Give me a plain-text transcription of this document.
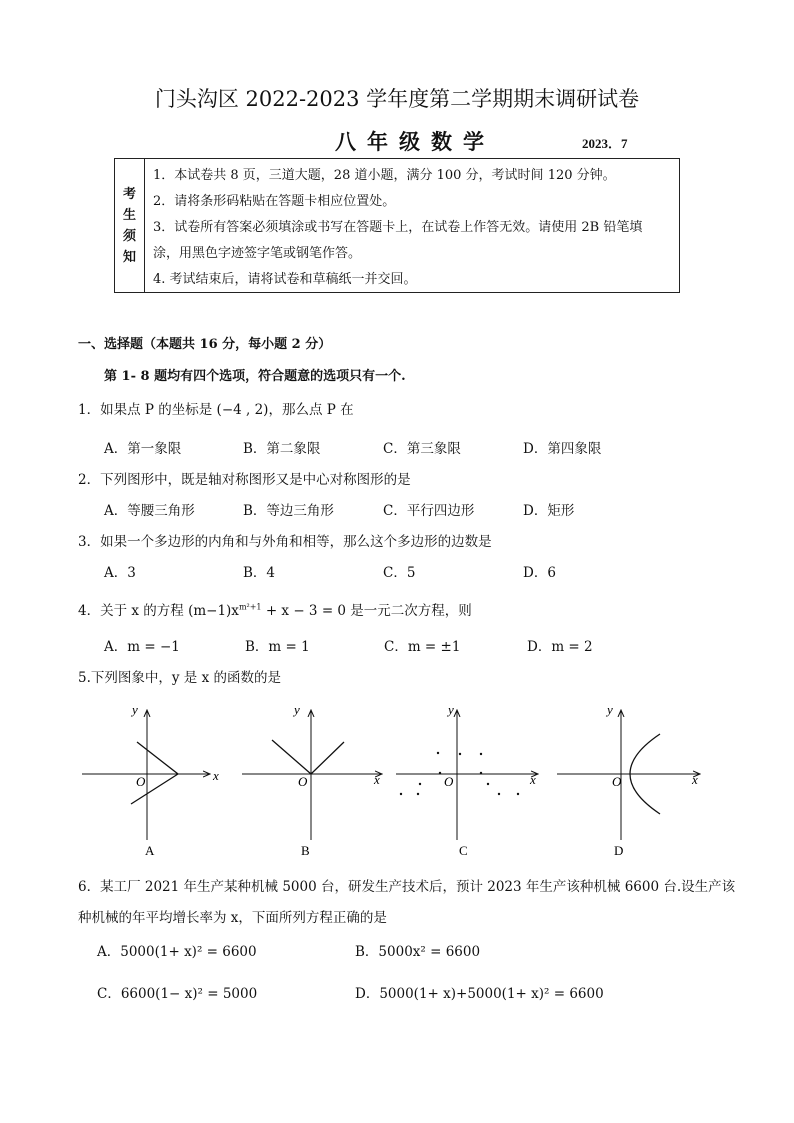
门头沟区 2022-2023 学年度第二学期期末调研试卷
八年级数学	2023．7
考生须知
1．本试卷共 8 页，三道大题，28 道小题，满分 100 分，考试时间 120 分钟。
2．请将条形码粘贴在答题卡相应位置处。
3．试卷所有答案必须填涂或书写在答题卡上，在试卷上作答无效。请使用 2B 铅笔填
涂，用黑色字迹签字笔或钢笔作答。
4. 考试结束后，请将试卷和草稿纸一并交回。
一、选择题（本题共 16 分，每小题 2 分）
第 1- 8 题均有四个选项，符合题意的选项只有一个.
1．如果点 P 的坐标是 (−4 , 2)，那么点 P 在
A．第一象限	B．第二象限	C．第三象限	D．第四象限
2．下列图形中，既是轴对称图形又是中心对称图形的是
A．等腰三角形	B．等边三角形	C．平行四边形	D．矩形
3．如果一个多边形的内角和与外角和相等，那么这个多边形的边数是
A．3	B．4	C．5	D．6
4．关于 x 的方程 $(m-1)x^{m^2+1} + x - 3 = 0$ 是一元二次方程，则
A．m = −1	B．m = 1	C．m = ±1	D．m = 2
5.下列图象中，y 是 x 的函数的是
x
y
O	x
y
O	x
y
O	x
y
O
A	B	C	D
6．某工厂 2021 年生产某种机械 5000 台，研发生产技术后，预计 2023 年生产该种机械 6600 台.设生产该
种机械的年平均增长率为 x，下面所列方程正确的是
A．5000(1+ x)² = 6600	B．5000x² = 6600
C．6600(1− x)² = 5000	D．5000(1+ x)+5000(1+ x)² = 6600
